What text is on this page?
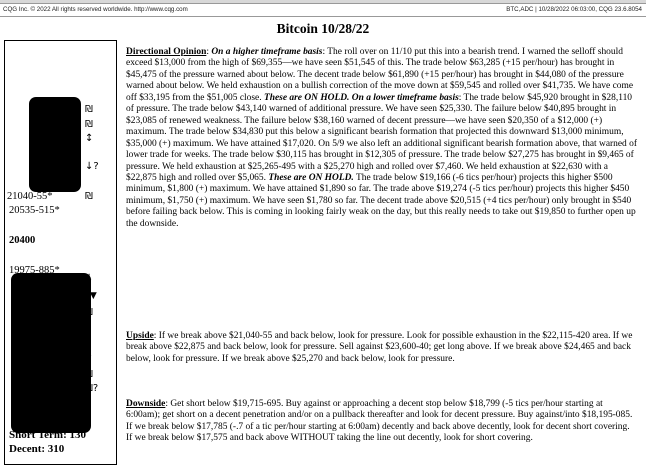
CQG Inc. © 2022 All rights reserved worldwide. http://www.cqg.com	BTC,ADC | 10/28/2022 06:03:00, CQG 23.6.8054
Bitcoin 10/28/22
₪ ₪
₪
40* ↕
420 ↓?
21040-55*	₪
20535-515*
20400
19975-885*
↓
▲▼
₪
↑
₪
₪?
Short Term: 130
Decent: 310
Directional Opinion: On a higher timeframe basis: The roll over on 11/10 put this into a bearish trend. I warned the selloff should exceed $13,000 from the high of $69,355—we have seen $51,545 of this. The trade below $63,285 (+15 per/hour) has brought in $45,475 of the pressure warned about below. The decent trade below $61,890 (+15 per/hour) has brought in $44,080 of the pressure warned about below. We held exhaustion on a bullish correction of the move down at $59,545 and rolled over $41,735. We have come off $33,195 from the $51,005 close. These are ON HOLD. On a lower timeframe basis: The trade below $45,920 brought in $28,110 of pressure. The trade below $43,140 warned of additional pressure. We have seen $25,330. The failure below $40,895 brought in $23,085 of renewed weakness. The failure below $38,160 warned of decent pressure—we have seen $20,350 of a $12,000 (+) maximum. The trade below $34,830 put this below a significant bearish formation that projected this downward $13,000 minimum, $35,000 (+) maximum. We have attained $17,020. On 5/9 we also left an additional significant bearish formation above, that warned of lower trade for weeks. The trade below $30,115 has brought in $12,305 of pressure. The trade below $27,275 has brought in $9,465 of pressure. We held exhaustion at $25,265-495 with a $25,270 high and rolled over $7,460. We held exhaustion at $22,630 with a $22,875 high and rolled over $5,065. These are ON HOLD. The trade below $19,166 (-6 tics per/hour) projects this higher $500 minimum, $1,800 (+) maximum. We have attained $1,890 so far. The trade above $19,274 (-5 tics per/hour) projects this higher $450 minimum, $1,750 (+) maximum. We have seen $1,780 so far. The decent trade above $20,515 (+4 tics per/hour) only brought in $540 before failing back below. This is coming in looking fairly weak on the day, but this really needs to take out $19,850 to further open up the downside.
Upside: If we break above $21,040-55 and back below, look for pressure. Look for possible exhaustion in the $22,115-420 area. If we break above $22,875 and back below, look for pressure. Sell against $23,600-40; get long above. If we break above $24,465 and back below, look for pressure. If we break above $25,270 and back below, look for pressure.
Downside: Get short below $19,715-695. Buy against or approaching a decent stop below $18,799 (-5 tics per/hour starting at 6:00am); get short on a decent penetration and/or on a pullback thereafter and look for decent pressure. Buy against/into $18,195-085. If we break below $17,785 (-.7 of a tic per/hour starting at 6:00am) decently and back above decently, look for decent short covering. If we break below $17,575 and back above WITHOUT taking the line out decently, look for short covering.
